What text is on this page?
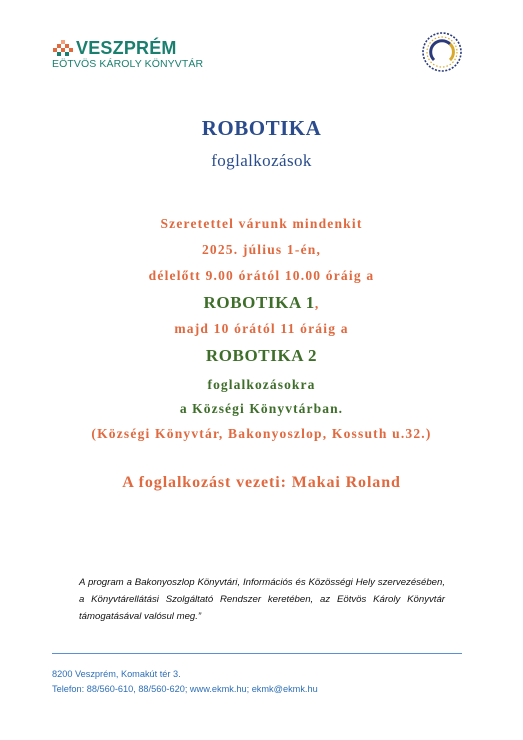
VESZPRÉM
EÖTVÖS KÁROLY KÖNYVTÁR
ROBOTIKA
foglalkozások
Szeretettel várunk mindenkit
2025. július 1-én,
délelőtt 9.00 órától 10.00 óráig a
ROBOTIKA 1,
majd 10 órától 11 óráig a
ROBOTIKA 2
foglalkozásokra
a Községi Könyvtárban.
(Községi Könyvtár, Bakonyoszlop, Kossuth u.32.)
A foglalkozást vezeti: Makai Roland
A program a Bakonyoszlop Könyvtári, Információs és Közösségi Hely szervezésében, a Könyvtárellátási Szolgáltató Rendszer keretében, az Eötvös Károly Könyvtár támogatásával valósul meg.”
8200 Veszprém, Komakút tér 3.
Telefon: 88/560-610, 88/560-620; www.ekmk.hu; ekmk@ekmk.hu
